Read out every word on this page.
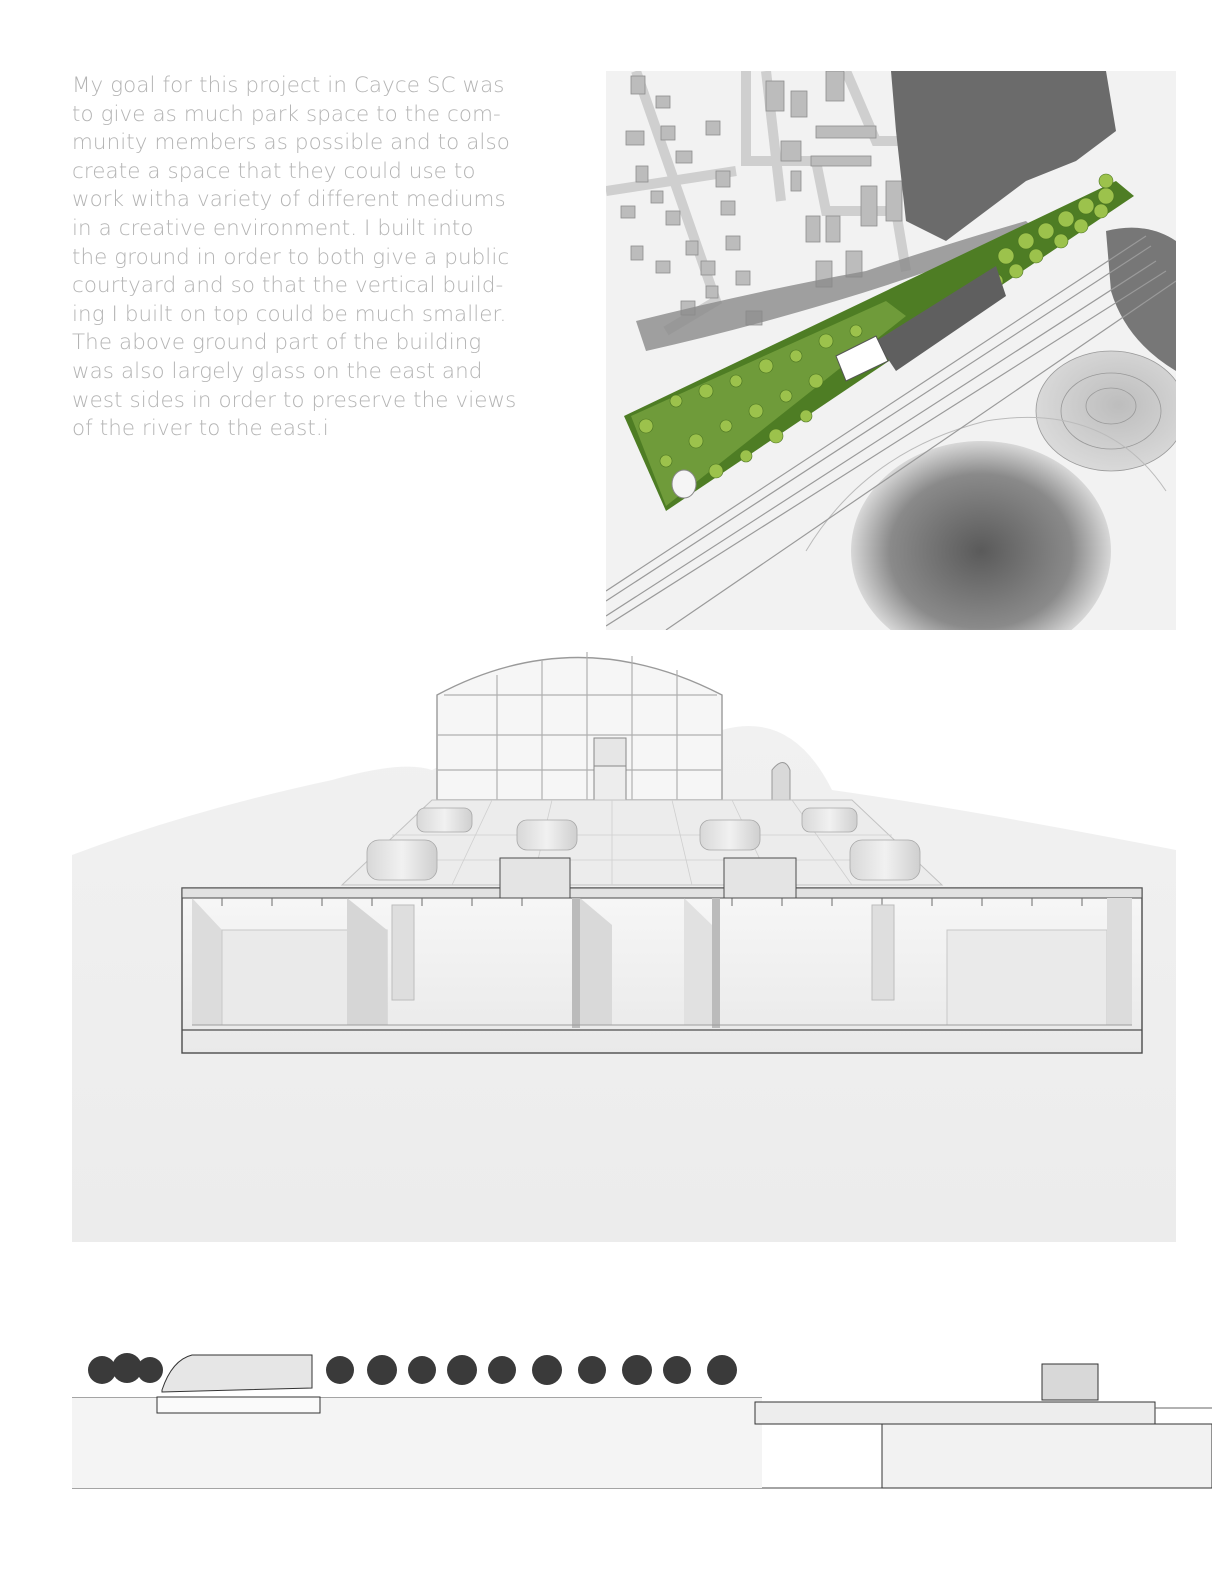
My goal for this project in Cayce SC was
to give as much park space to the com-
munity members as possible and to also
create a space that they could use to
work witha variety of different mediums
in a creative environment. I built into
the ground in order to both give a public
courtyard and so that the vertical build-
ing I built on top could be much smaller.
The above ground part of the building
was also largely glass on the east and
west sides in order to preserve the views
of the river to the east.i
